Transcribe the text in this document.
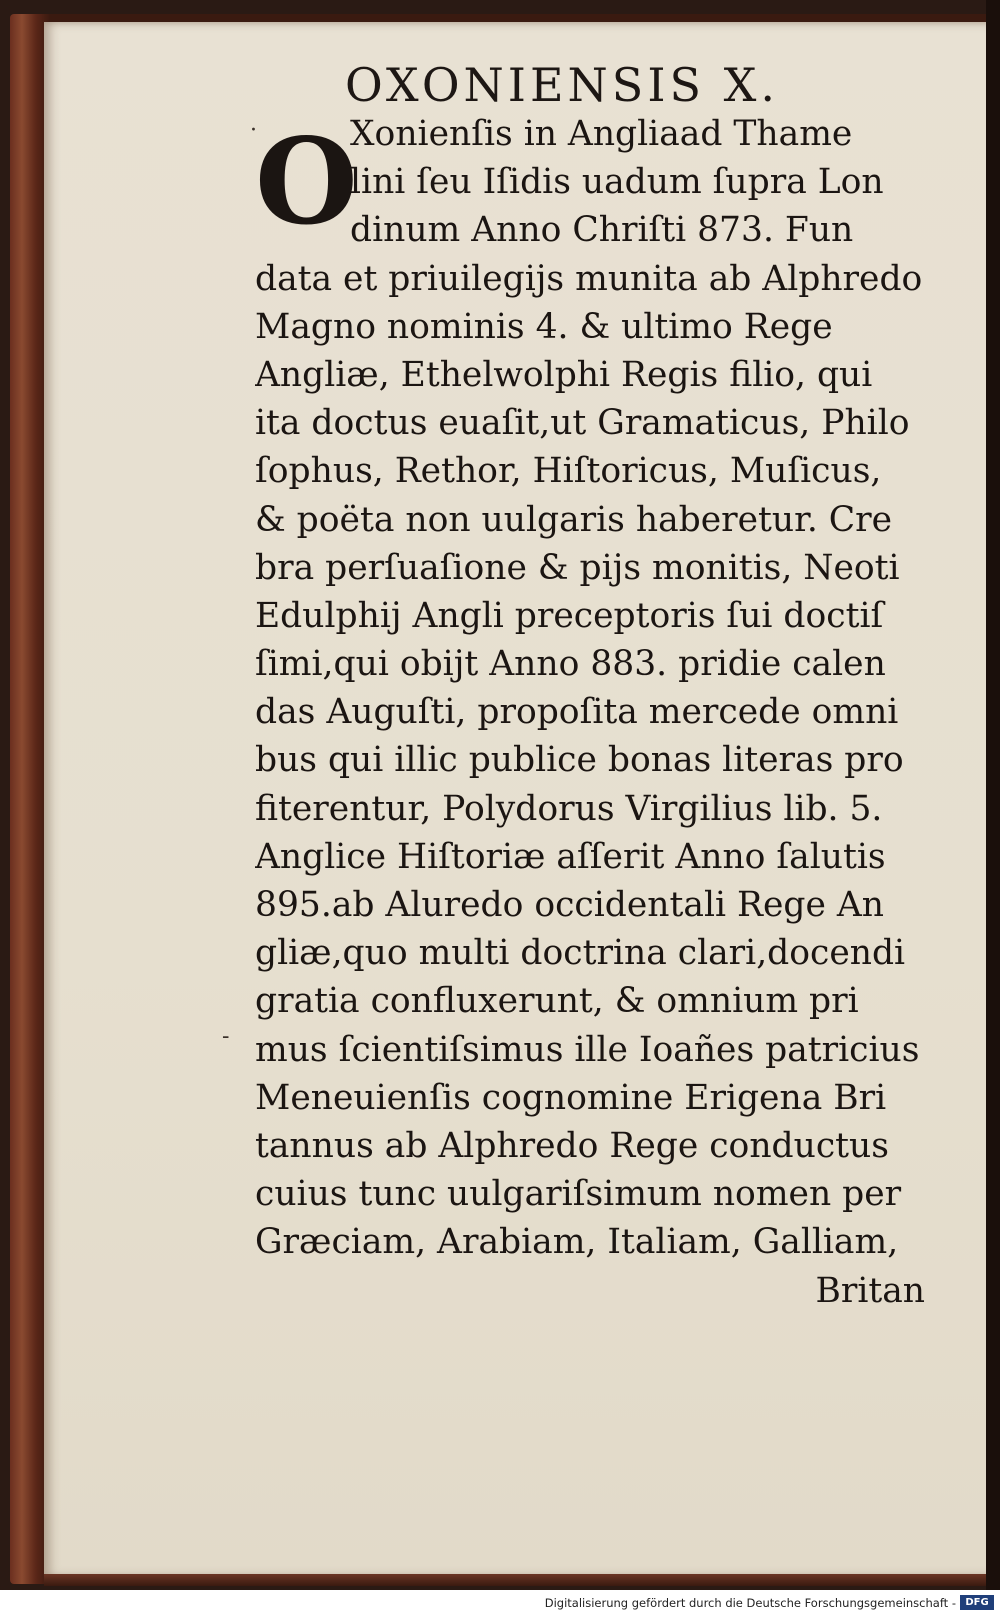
OXONIENSIS X.
O
·
-
Xonienſis in Angliaad Thame
lini ſeu Iſidis uadum ſupra Lon
dinum Anno Chriſti 873. Fun
data et priuilegijs munita ab Alphredo
Magno nominis 4. & ultimo Rege
Angliæ, Ethelwolphi Regis filio, qui
ita doctus euaſit,ut Gramaticus, Philo
ſophus, Rethor, Hiſtoricus, Muſicus,
& poëta non uulgaris haberetur. Cre
bra perſuaſione & pijs monitis, Neoti
Edulphij Angli preceptoris ſui doctiſ
ſimi,qui obijt Anno 883. pridie calen
das Auguſti, propoſita mercede omni
bus qui illic publice bonas literas pro
fiterentur, Polydorus Virgilius lib. 5.
Anglice Hiſtoriæ aſſerit Anno ſalutis
895.ab Aluredo occidentali Rege An
gliæ,quo multi doctrina clari,docendi
gratia confluxerunt, & omnium pri
mus ſcientiſsimus ille Ioañes patricius
Meneuienſis cognomine Erigena Bri
tannus ab Alphredo Rege conductus
cuius tunc uulgariſsimum nomen per
Græciam, Arabiam, Italiam, Galliam,
Britan
Digitalisierung gefördert durch die Deutsche Forschungsgemeinschaft - DFG
